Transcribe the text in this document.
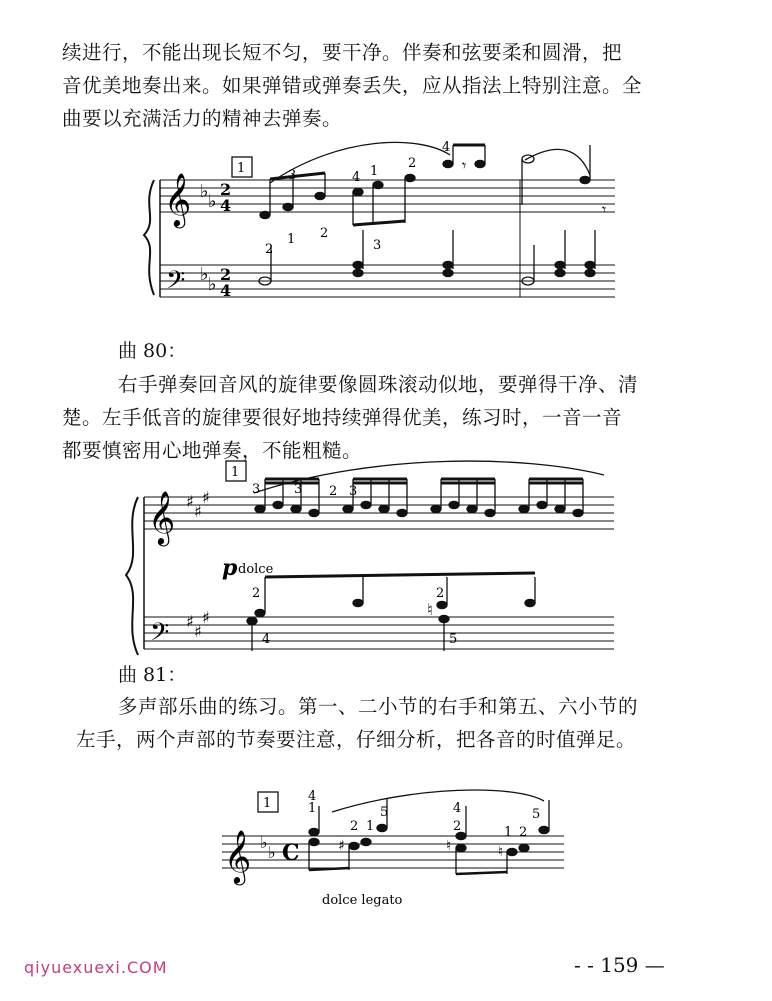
续进行，不能出现长短不匀，要干净。伴奏和弦要柔和圆滑，把
音优美地奏出来。如果弹错或弹奏丢失，应从指法上特别注意。全
曲要以充满活力的精神去弹奏。
1
𝄞
𝄢
♭ ♭
♭ ♭
2
4
2
4
𝄾
𝄾
3	4 1
2
4
2
1 2
3
曲 80：
右手弹奏回音风的旋律要像圆珠滚动似地，要弹得干净、清
楚。左手低音的旋律要很好地持续弹得优美，练习时，一音一音
都要慎密用心地弹奏，不能粗糙。
1
𝄞
𝄢
♯
♯
♯
♯
♯
♯
3	3 2 3
2
4
2
5
p dolce
♮
曲 81：
多声部乐曲的练习。第一、二小节的右手和第五、六小节的
左手，两个声部的节奏要注意，仔细分析，把各音的时值弹足。
1
𝄞 ♭
♭ C	♯	♮	♮
4
1
2 1
5	4
2	1 2
5
dolce legato
qiyuexuexi.COM	- - 159 —
